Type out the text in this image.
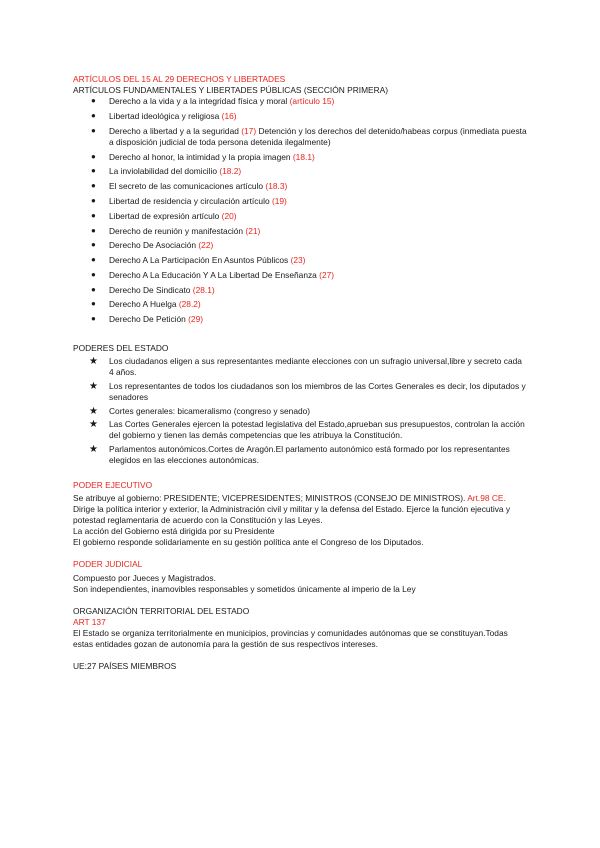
ARTÍCULOS DEL 15 AL 29 DERECHOS Y LIBERTADES

ARTÍCULOS FUNDAMENTALES Y LIBERTADES PÚBLICAS (SECCIÓN PRIMERA)

● Derecho a la vida y a la integridad física y moral (artículo 15)
● Libertad ideológica y religiosa (16)
● Derecho a libertad y a la seguridad (17) Detención y los derechos del detenido/habeas corpus (inmediata puesta a disposición judicial de toda persona detenida ilegalmente)
● Derecho al honor, la intimidad y la propia imagen (18.1)
● La inviolabilidad del domicilio (18.2)
● El secreto de las comunicaciones artículo (18.3)
● Libertad de residencia y circulación artículo (19)
● Libertad de expresión artículo (20)
● Derecho de reunión y manifestación (21)
● Derecho De Asociación (22)
● Derecho A La Participación En Asuntos Públicos (23)
● Derecho A La Educación Y A La Libertad De Enseñanza (27)
● Derecho De Sindicato (28.1)
● Derecho A Huelga (28.2)
● Derecho De Petición (29)

PODERES DEL ESTADO

★ Los ciudadanos eligen a sus representantes mediante elecciones con un sufragio universal,libre y secreto cada 4 años.
★ Los representantes de todos los ciudadanos son los miembros de las Cortes Generales es decir, los diputados y senadores
★ Cortes generales: bicameralismo (congreso y senado)
★ Las Cortes Generales ejercen la potestad legislativa del Estado,aprueban sus presupuestos, controlan la acción del gobierno y tienen las demás competencias que les atribuya la Constitución.
★ Parlamentos autonómicos.Cortes de Aragón.El parlamento autonómico está formado por los representantes elegidos en las elecciones autonómicas.

PODER EJECUTIVO

Se atribuye al gobierno: PRESIDENTE; VICEPRESIDENTES; MINISTROS (CONSEJO DE MINISTROS). Art.98 CE.

Dirige la política interior y exterior, la Administración civil y militar y la defensa del Estado. Ejerce la función ejecutiva y potestad reglamentaria de acuerdo con la Constitución y las Leyes.

La acción del Gobierno está dirigida por su Presidente

El gobierno responde solidariamente en su gestión política ante el Congreso de los Diputados.

PODER JUDICIAL

Compuesto por Jueces y Magistrados.

Son independientes, inamovibles responsables y sometidos únicamente al imperio de la Ley

ORGANIZACIÓN TERRITORIAL DEL ESTADO

ART 137

El Estado se organiza territorialmente en municipios, provincias y comunidades autónomas que se constituyan.Todas estas entidades gozan de autonomía para la gestión de sus respectivos intereses.

UE:27 PAÍSES MIEMBROS
